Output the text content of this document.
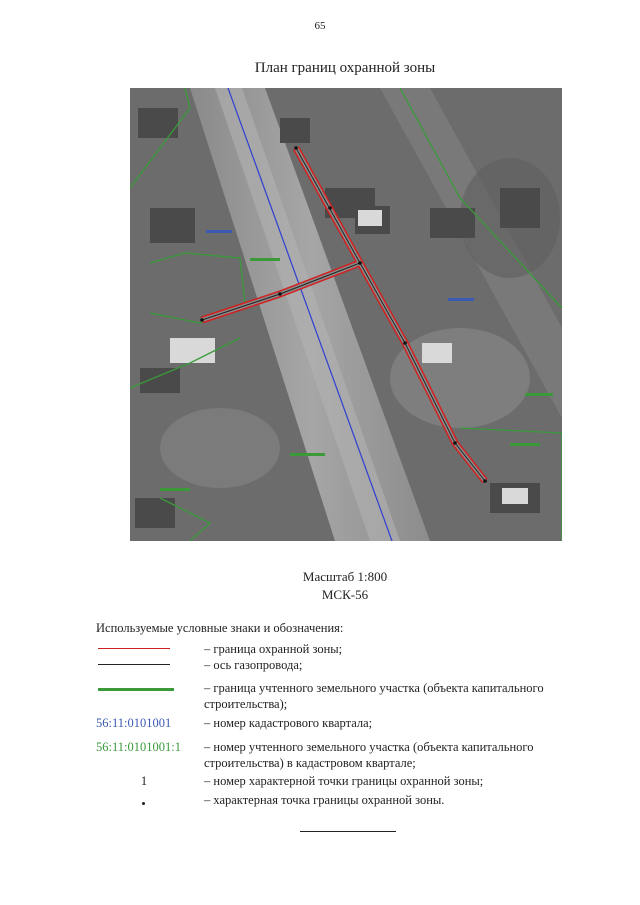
65
План границ охранной зоны
Масштаб 1:800
МСК-56
Используемые условные знаки и обозначения:
– граница охранной зоны;
– ось газопровода;
– граница учтенного земельного участка (объекта капитального строительства);
56:11:0101001	– номер кадастрового квартала;
56:11:0101001:1	– номер учтенного земельного участка (объекта капитального строительства) в кадастровом квартале;
1	– номер характерной точки границы охранной зоны;
– характерная точка границы охранной зоны.
